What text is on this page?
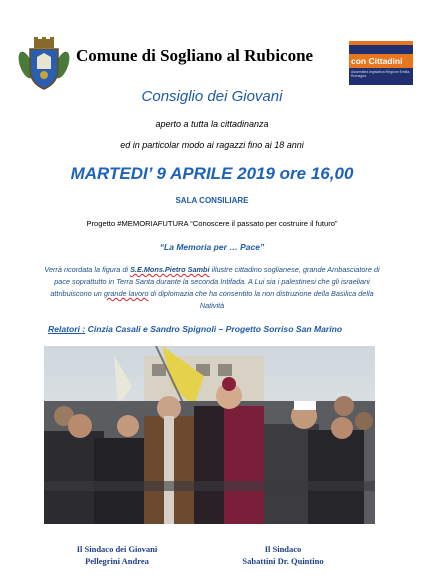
Comune di Sogliano al Rubicone	con Cittadini
Assemblea legislativa Regione Emilia-Romagna
Consiglio dei Giovani
aperto a tutta la cittadinanza
ed in particolar modo ai ragazzi fino ai 18 anni
MARTEDI’ 9 APRILE 2019 ore 16,00
SALA CONSILIARE
Progetto #MEMORIAFUTURA “Conoscere il passato per costruire il futuro”
“La Memoria per … Pace”
Verrà ricordata la figura di S.E.Mons.Pietro Sambi illustre cittadino soglianese, grande Ambasciatore di pace soprattutto in Terra Santa durante la seconda Intifada. A Lui sia i palestinesi che gli israeliani attribuiscono un grande lavoro di diplomazia che ha consentito la non distruzione della Basilica della Natività
Relatori : Cinzia Casali e Sandro Spignoli – Progetto Sorriso San Marino
Il Sindaco dei Giovani
Pellegrini Andrea
Il Sindaco
Sabattini Dr. Quintino
